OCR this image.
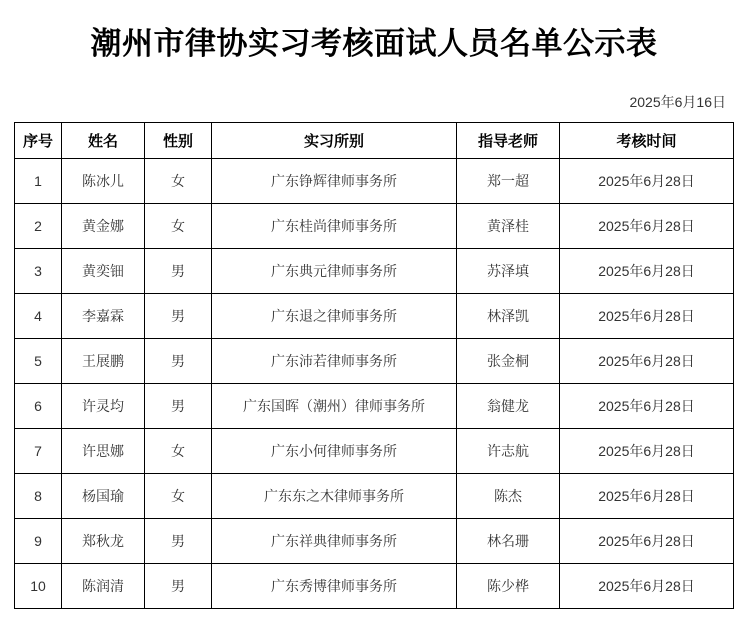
潮州市律协实习考核面试人员名单公示表
2025年6月16日
序号	姓名	性别	实习所别	指导老师	考核时间
1	陈冰儿	女	广东铮辉律师事务所	郑一超	2025年6月28日
2	黄金娜	女	广东桂尚律师事务所	黄泽桂	2025年6月28日
3	黄奕钿	男	广东典元律师事务所	苏泽填	2025年6月28日
4	李嘉霖	男	广东退之律师事务所	林泽凯	2025年6月28日
5	王展鹏	男	广东沛若律师事务所	张金桐	2025年6月28日
6	许灵均	男	广东国晖（潮州）律师事务所	翁健龙	2025年6月28日
7	许思娜	女	广东小何律师事务所	许志航	2025年6月28日
8	杨国瑜	女	广东东之木律师事务所	陈杰	2025年6月28日
9	郑秋龙	男	广东祥典律师事务所	林名珊	2025年6月28日
10	陈润清	男	广东秀博律师事务所	陈少桦	2025年6月28日
